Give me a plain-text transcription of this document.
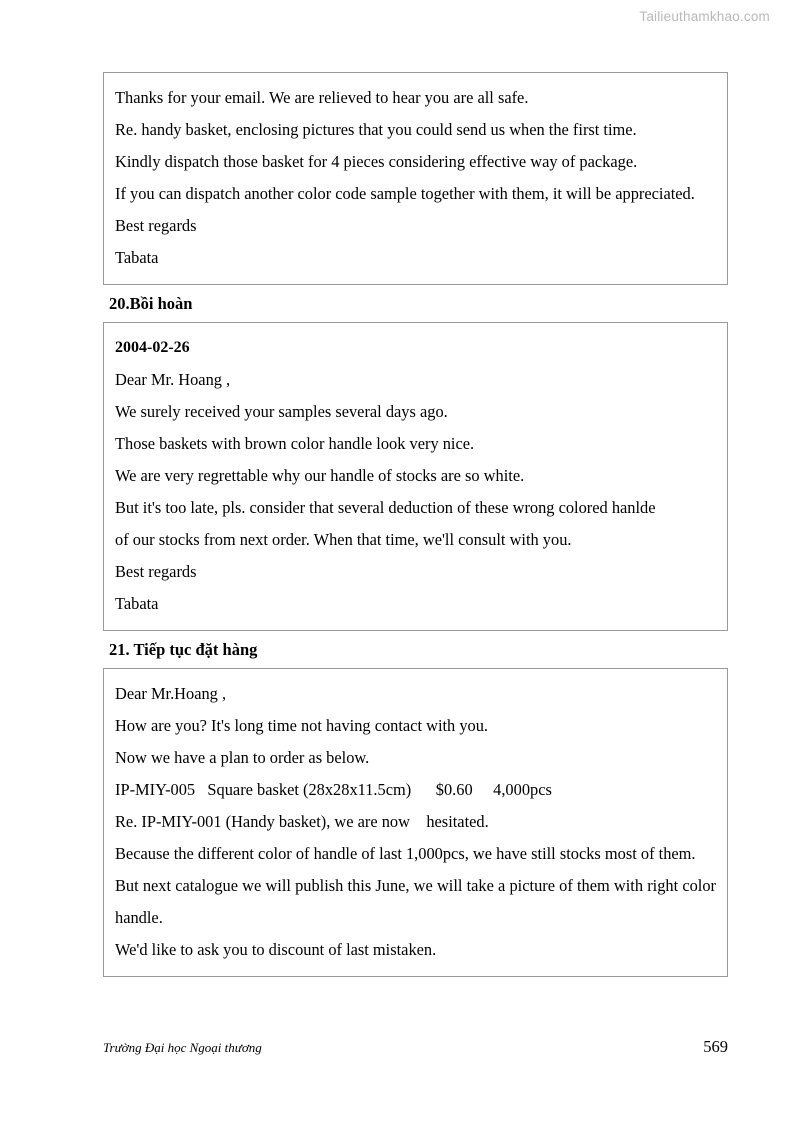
Tailieuthamkhao.com

Thanks for your email. We are relieved to hear you are all safe.

Re. handy basket, enclosing pictures that you could send us when the first time.

Kindly dispatch those basket for 4 pieces considering effective way of package.

If you can dispatch another color code sample together with them, it will be appreciated.

Best regards

Tabata

20.Bồi hoàn

2004-02-26

Dear Mr. Hoang ,

We surely received your samples several days ago.

Those baskets with brown color handle look very nice.

We are very regrettable why our handle of stocks are so white.

But it's too late, pls. consider that several deduction of these wrong colored hanlde

of our stocks from next order. When that time, we'll consult with you.

Best regards

Tabata

21. Tiếp tục đặt hàng

Dear Mr.Hoang ,

How are you? It's long time not having contact with you.

Now we have a plan to order as below.

IP-MIY-005   Square basket (28x28x11.5cm)      $0.60     4,000pcs

Re. IP-MIY-001 (Handy basket), we are now    hesitated.

Because the different color of handle of last 1,000pcs, we have still stocks most of them.

But next catalogue we will publish this June, we will take a picture of them with right color handle.

We'd like to ask you to discount of last mistaken.

Trường Đại học Ngoại thương	569
